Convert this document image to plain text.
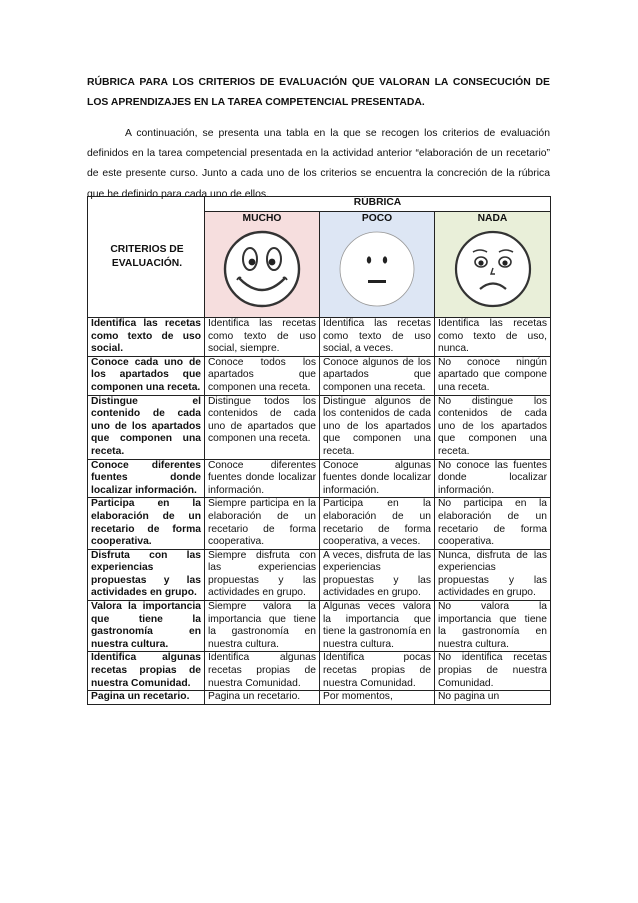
RÚBRICA PARA LOS CRITERIOS DE EVALUACIÓN QUE VALORAN LA CONSECUCIÓN DE LOS APRENDIZAJES EN LA TAREA COMPETENCIAL PRESENTADA.
A continuación, se presenta una tabla en la que se recogen los criterios de evaluación definidos en la tarea competencial presentada en la actividad anterior “elaboración de un recetario” de este presente curso. Junto a cada uno de los criterios se encuentra la concreción de la rúbrica que he definido para cada uno de ellos.
CRITERIOS DE EVALUACIÓN.	RÚBRICA		

	MUCHO	POCO	NADA

Identifica las recetas como texto de uso social.	Identifica las recetas como texto de uso social, siempre.	Identifica las recetas como texto de uso social, a veces.	Identifica las recetas como texto de uso, nunca.
Conoce cada uno de los apartados que componen una receta.	Conoce todos los apartados que componen una receta.	Conoce algunos de los apartados que componen una receta.	No conoce ningún apartado que compone una receta.
Distingue el contenido de cada uno de los apartados que componen una receta.	Distingue todos los contenidos de cada uno de apartados que componen una receta.	Distingue algunos de los contenidos de cada uno de los apartados que componen una receta.	No distingue los contenidos de cada uno de los apartados que componen una receta.
Conoce diferentes fuentes donde localizar información.	Conoce diferentes fuentes donde localizar información.	Conoce algunas fuentes donde localizar información.	No conoce las fuentes donde localizar información.
Participa en la elaboración de un recetario de forma cooperativa.	Siempre participa en la elaboración de un recetario de forma cooperativa.	Participa en la elaboración de un recetario de forma cooperativa, a veces.	No participa en la elaboración de un recetario de forma cooperativa.
Disfruta con las experiencias propuestas y las actividades en grupo.	Siempre disfruta con las experiencias propuestas y las actividades en grupo.	A veces, disfruta de las experiencias propuestas y las actividades en grupo.	Nunca, disfruta de las experiencias propuestas y las actividades en grupo.
Valora la importancia que tiene la gastronomía en nuestra cultura.	Siempre valora la importancia que tiene la gastronomía en nuestra cultura.	Algunas veces valora la importancia que tiene la gastronomía en nuestra cultura.	No valora la importancia que tiene la gastronomía en nuestra cultura.
Identifica algunas recetas propias de nuestra Comunidad.	Identifica algunas recetas propias de nuestra Comunidad.	Identifica pocas recetas propias de nuestra Comunidad.	No identifica recetas propias de nuestra Comunidad.
Pagina un recetario.	Pagina un recetario.	Por momentos,	No pagina un
